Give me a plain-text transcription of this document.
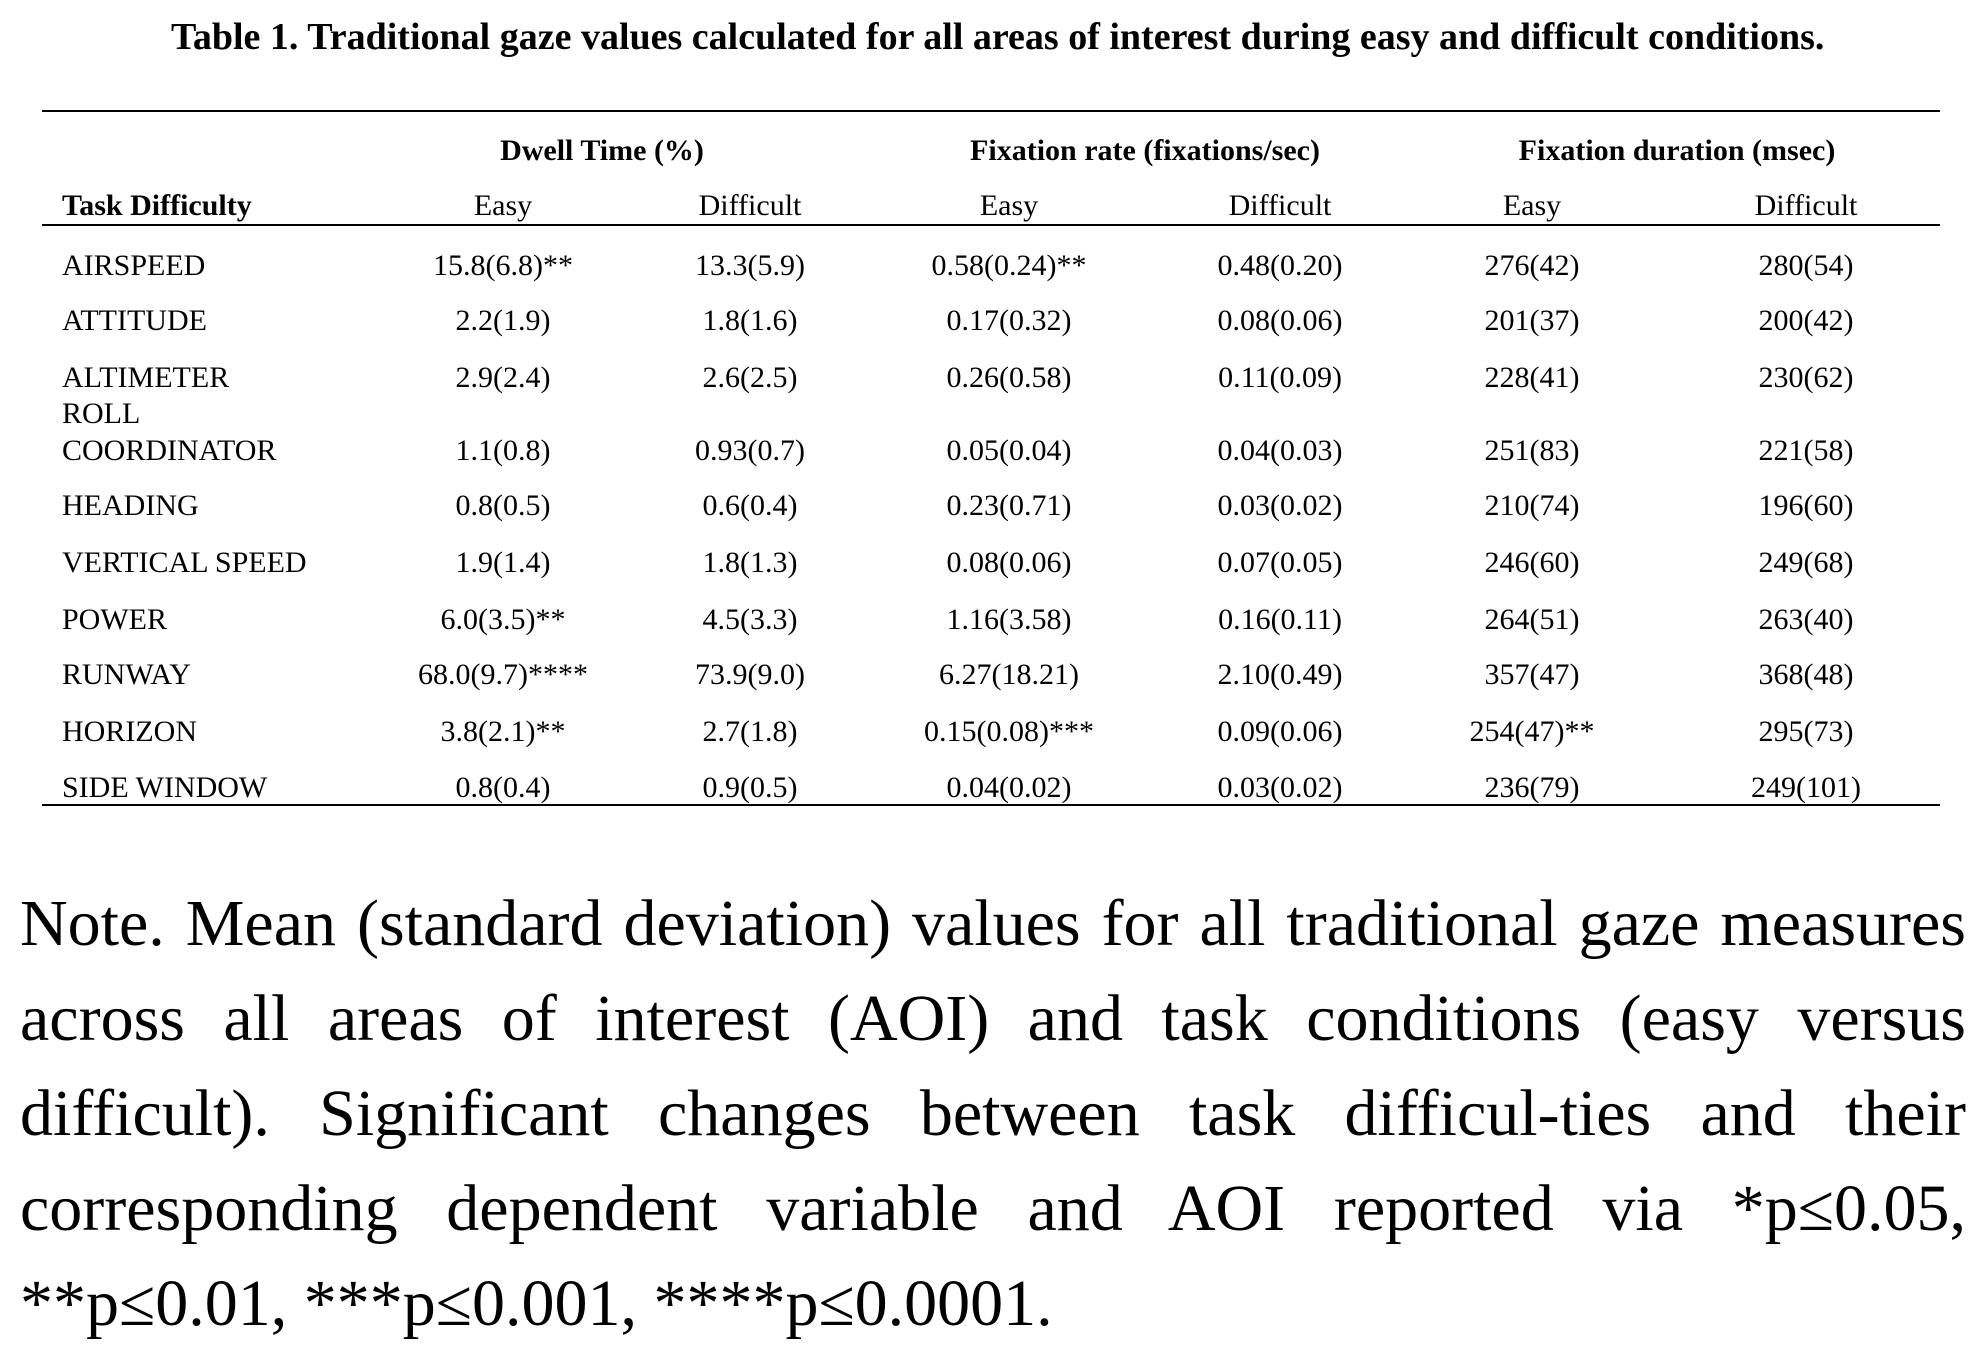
Table 1. Traditional gaze values calculated for all areas of interest during easy and difficult conditions.
Dwell Time (%)	Fixation rate (fixations/sec)	Fixation duration (msec)
Task Difficulty	Easy	Difficult	Easy	Difficult	Easy	Difficult
AIRSPEED	15.8(6.8)**	13.3(5.9)	0.58(0.24)**	0.48(0.20)	276(42)	280(54)
ATTITUDE	2.2(1.9)	1.8(1.6)	0.17(0.32)	0.08(0.06)	201(37)	200(42)
ALTIMETER	2.9(2.4)	2.6(2.5)	0.26(0.58)	0.11(0.09)	228(41)	230(62)
ROLL
COORDINATOR	1.1(0.8)	0.93(0.7)	0.05(0.04)	0.04(0.03)	251(83)	221(58)
HEADING	0.8(0.5)	0.6(0.4)	0.23(0.71)	0.03(0.02)	210(74)	196(60)
VERTICAL SPEED	1.9(1.4)	1.8(1.3)	0.08(0.06)	0.07(0.05)	246(60)	249(68)
POWER	6.0(3.5)**	4.5(3.3)	1.16(3.58)	0.16(0.11)	264(51)	263(40)
RUNWAY	68.0(9.7)****	73.9(9.0)	6.27(18.21)	2.10(0.49)	357(47)	368(48)
HORIZON	3.8(2.1)**	2.7(1.8)	0.15(0.08)***	0.09(0.06)	254(47)**	295(73)
SIDE WINDOW	0.8(0.4)	0.9(0.5)	0.04(0.02)	0.03(0.02)	236(79)	249(101)
Note. Mean (standard deviation) values for all traditional gaze measures across all areas of interest (AOI) and task conditions (easy versus difficult). Significant changes between task difficul-ties and their corresponding dependent variable and AOI reported via *p≤0.05, **p≤0.01, ***p≤0.001, ****p≤0.0001.
